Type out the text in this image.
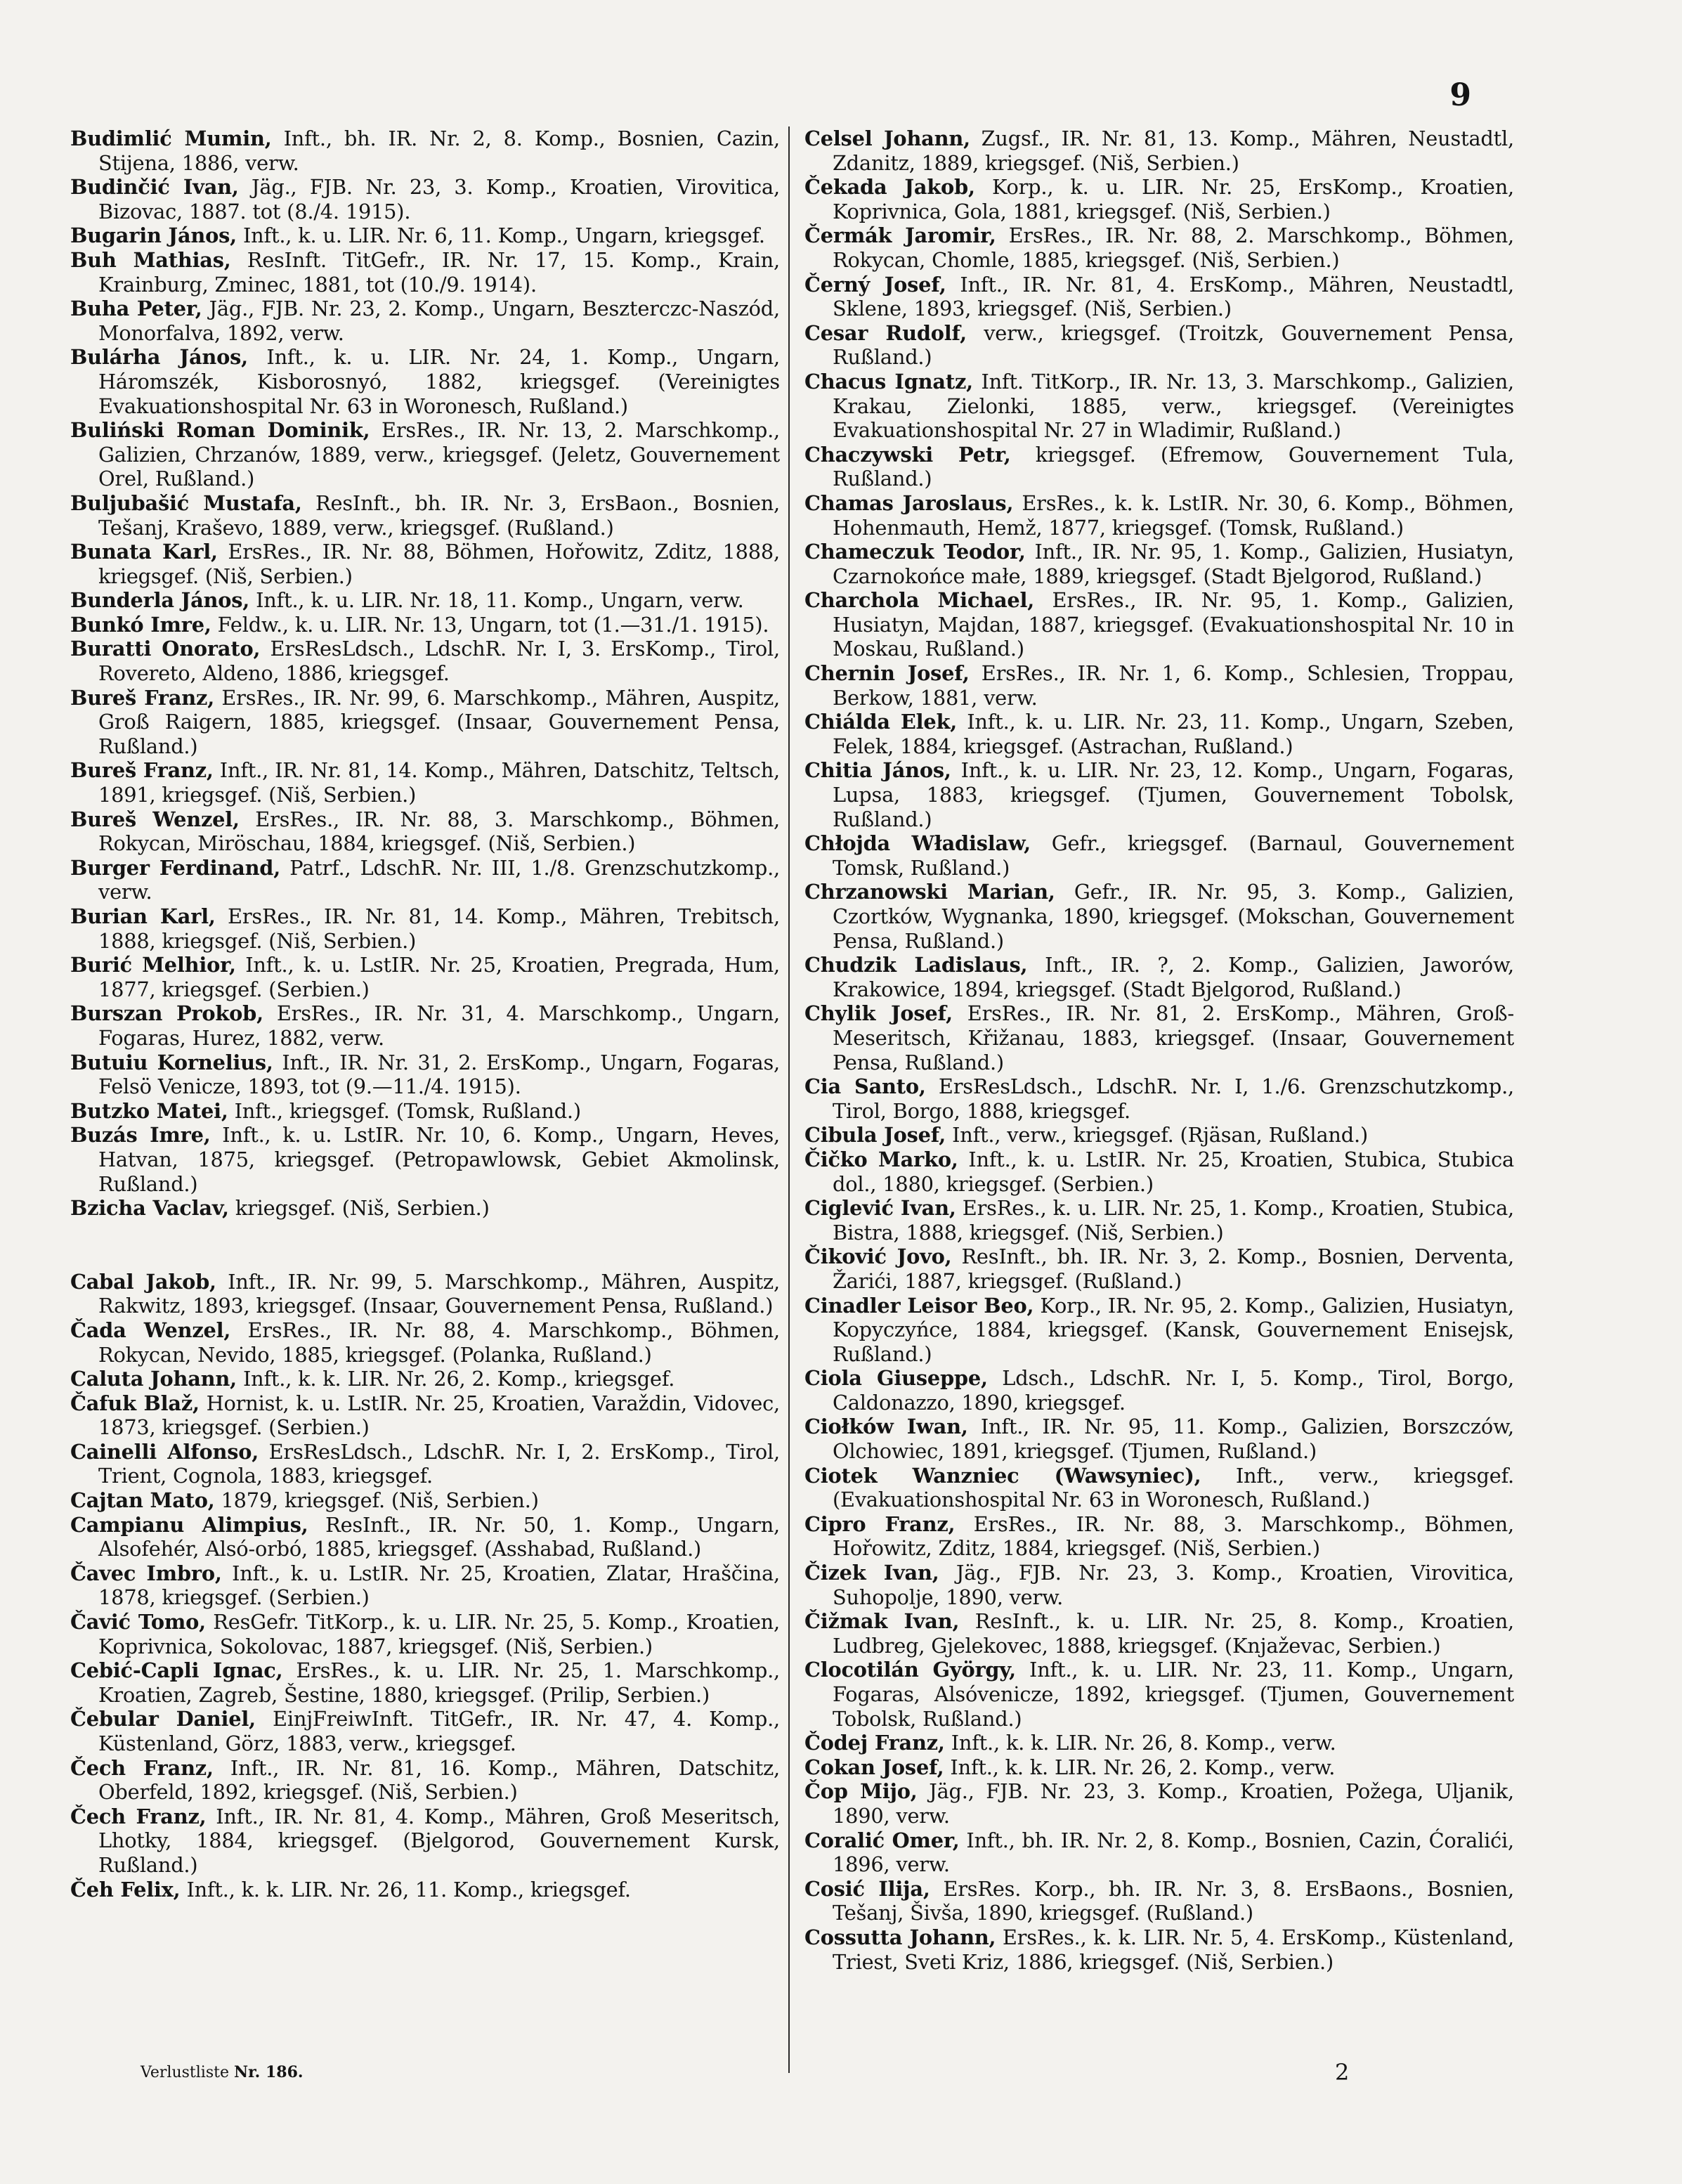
9
Budimlić Mumin, Inft., bh. IR. Nr. 2, 8. Komp., Bosnien, Cazin, Stijena, 1886, verw.
Budinčić Ivan, Jäg., FJB. Nr. 23, 3. Komp., Kroatien, Virovitica, Bizovac, 1887. tot (8./4. 1915).
Bugarin János, Inft., k. u. LIR. Nr. 6, 11. Komp., Ungarn, kriegsgef.
Buh Mathias, ResInft. TitGefr., IR. Nr. 17, 15. Komp., Krain, Krainburg, Zminec, 1881, tot (10./9. 1914).
Buha Peter, Jäg., FJB. Nr. 23, 2. Komp., Ungarn, Beszterczc-Naszód, Monorfalva, 1892, verw.
Bulárha János, Inft., k. u. LIR. Nr. 24, 1. Komp., Ungarn, Háromszék, Kisborosnyó, 1882, kriegsgef. (Vereinigtes Evakuationshospital Nr. 63 in Woronesch, Rußland.)
Buliński Roman Dominik, ErsRes., IR. Nr. 13, 2. Marschkomp., Galizien, Chrzanów, 1889, verw., kriegsgef. (Jeletz, Gouvernement Orel, Rußland.)
Buljubašić Mustafa, ResInft., bh. IR. Nr. 3, ErsBaon., Bosnien, Tešanj, Kraševo, 1889, verw., kriegsgef. (Rußland.)
Bunata Karl, ErsRes., IR. Nr. 88, Böhmen, Hořowitz, Zditz, 1888, kriegsgef. (Niš, Serbien.)
Bunderla János, Inft., k. u. LIR. Nr. 18, 11. Komp., Ungarn, verw.
Bunkó Imre, Feldw., k. u. LIR. Nr. 13, Ungarn, tot (1.—31./1. 1915).
Buratti Onorato, ErsResLdsch., LdschR. Nr. I, 3. ErsKomp., Tirol, Rovereto, Aldeno, 1886, kriegsgef.
Bureš Franz, ErsRes., IR. Nr. 99, 6. Marschkomp., Mähren, Auspitz, Groß Raigern, 1885, kriegsgef. (Insaar, Gouvernement Pensa, Rußland.)
Bureš Franz, Inft., IR. Nr. 81, 14. Komp., Mähren, Datschitz, Teltsch, 1891, kriegsgef. (Niš, Serbien.)
Bureš Wenzel, ErsRes., IR. Nr. 88, 3. Marschkomp., Böhmen, Rokycan, Miröschau, 1884, kriegsgef. (Niš, Serbien.)
Burger Ferdinand, Patrf., LdschR. Nr. III, 1./8. Grenzschutzkomp., verw.
Burian Karl, ErsRes., IR. Nr. 81, 14. Komp., Mähren, Trebitsch, 1888, kriegsgef. (Niš, Serbien.)
Burić Melhior, Inft., k. u. LstIR. Nr. 25, Kroatien, Pregrada, Hum, 1877, kriegsgef. (Serbien.)
Burszan Prokob, ErsRes., IR. Nr. 31, 4. Marschkomp., Ungarn, Fogaras, Hurez, 1882, verw.
Butuiu Kornelius, Inft., IR. Nr. 31, 2. ErsKomp., Ungarn, Fogaras, Felsö Venicze, 1893, tot (9.—11./4. 1915).
Butzko Matei, Inft., kriegsgef. (Tomsk, Rußland.)
Buzás Imre, Inft., k. u. LstIR. Nr. 10, 6. Komp., Ungarn, Heves, Hatvan, 1875, kriegsgef. (Petropawlowsk, Gebiet Akmolinsk, Rußland.)
Bzicha Vaclav, kriegsgef. (Niš, Serbien.)
Cabal Jakob, Inft., IR. Nr. 99, 5. Marschkomp., Mähren, Auspitz, Rakwitz, 1893, kriegsgef. (Insaar, Gouvernement Pensa, Rußland.)
Čada Wenzel, ErsRes., IR. Nr. 88, 4. Marschkomp., Böhmen, Rokycan, Nevido, 1885, kriegsgef. (Polanka, Rußland.)
Caluta Johann, Inft., k. k. LIR. Nr. 26, 2. Komp., kriegsgef.
Čafuk Blaž, Hornist, k. u. LstIR. Nr. 25, Kroatien, Varaždin, Vidovec, 1873, kriegsgef. (Serbien.)
Cainelli Alfonso, ErsResLdsch., LdschR. Nr. I, 2. ErsKomp., Tirol, Trient, Cognola, 1883, kriegsgef.
Cajtan Mato, 1879, kriegsgef. (Niš, Serbien.)
Campianu Alimpius, ResInft., IR. Nr. 50, 1. Komp., Ungarn, Alsofehér, Alsó-orbó, 1885, kriegsgef. (Asshabad, Rußland.)
Čavec Imbro, Inft., k. u. LstIR. Nr. 25, Kroatien, Zlatar, Hraščina, 1878, kriegsgef. (Serbien.)
Čavić Tomo, ResGefr. TitKorp., k. u. LIR. Nr. 25, 5. Komp., Kroatien, Koprivnica, Sokolovac, 1887, kriegsgef. (Niš, Serbien.)
Cebić-Capli Ignac, ErsRes., k. u. LIR. Nr. 25, 1. Marschkomp., Kroatien, Zagreb, Šestine, 1880, kriegsgef. (Prilip, Serbien.)
Čebular Daniel, EinjFreiwInft. TitGefr., IR. Nr. 47, 4. Komp., Küstenland, Görz, 1883, verw., kriegsgef.
Čech Franz, Inft., IR. Nr. 81, 16. Komp., Mähren, Datschitz, Oberfeld, 1892, kriegsgef. (Niš, Serbien.)
Čech Franz, Inft., IR. Nr. 81, 4. Komp., Mähren, Groß Meseritsch, Lhotky, 1884, kriegsgef. (Bjelgorod, Gouvernement Kursk, Rußland.)
Čeh Felix, Inft., k. k. LIR. Nr. 26, 11. Komp., kriegsgef.
Celsel Johann, Zugsf., IR. Nr. 81, 13. Komp., Mähren, Neustadtl, Zdanitz, 1889, kriegsgef. (Niš, Serbien.)
Čekada Jakob, Korp., k. u. LIR. Nr. 25, ErsKomp., Kroatien, Koprivnica, Gola, 1881, kriegsgef. (Niš, Serbien.)
Čermák Jaromir, ErsRes., IR. Nr. 88, 2. Marschkomp., Böhmen, Rokycan, Chomle, 1885, kriegsgef. (Niš, Serbien.)
Černý Josef, Inft., IR. Nr. 81, 4. ErsKomp., Mähren, Neustadtl, Sklene, 1893, kriegsgef. (Niš, Serbien.)
Cesar Rudolf, verw., kriegsgef. (Troitzk, Gouvernement Pensa, Rußland.)
Chacus Ignatz, Inft. TitKorp., IR. Nr. 13, 3. Marschkomp., Galizien, Krakau, Zielonki, 1885, verw., kriegsgef. (Vereinigtes Evakuationshospital Nr. 27 in Wladimir, Rußland.)
Chaczywski Petr, kriegsgef. (Efremow, Gouvernement Tula, Rußland.)
Chamas Jaroslaus, ErsRes., k. k. LstIR. Nr. 30, 6. Komp., Böhmen, Hohenmauth, Hemž, 1877, kriegsgef. (Tomsk, Rußland.)
Chameczuk Teodor, Inft., IR. Nr. 95, 1. Komp., Galizien, Husiatyn, Czarnokońce małe, 1889, kriegsgef. (Stadt Bjelgorod, Rußland.)
Charchola Michael, ErsRes., IR. Nr. 95, 1. Komp., Galizien, Husiatyn, Majdan, 1887, kriegsgef. (Evakuationshospital Nr. 10 in Moskau, Rußland.)
Chernin Josef, ErsRes., IR. Nr. 1, 6. Komp., Schlesien, Troppau, Berkow, 1881, verw.
Chiálda Elek, Inft., k. u. LIR. Nr. 23, 11. Komp., Ungarn, Szeben, Felek, 1884, kriegsgef. (Astrachan, Rußland.)
Chitia János, Inft., k. u. LIR. Nr. 23, 12. Komp., Ungarn, Fogaras, Lupsa, 1883, kriegsgef. (Tjumen, Gouvernement Tobolsk, Rußland.)
Chłojda Władislaw, Gefr., kriegsgef. (Barnaul, Gouvernement Tomsk, Rußland.)
Chrzanowski Marian, Gefr., IR. Nr. 95, 3. Komp., Galizien, Czortków, Wygnanka, 1890, kriegsgef. (Mokschan, Gouvernement Pensa, Rußland.)
Chudzik Ladislaus, Inft., IR. ?, 2. Komp., Galizien, Jaworów, Krakowice, 1894, kriegsgef. (Stadt Bjelgorod, Rußland.)
Chylik Josef, ErsRes., IR. Nr. 81, 2. ErsKomp., Mähren, Groß-Meseritsch, Křižanau, 1883, kriegsgef. (Insaar, Gouvernement Pensa, Rußland.)
Cia Santo, ErsResLdsch., LdschR. Nr. I, 1./6. Grenzschutzkomp., Tirol, Borgo, 1888, kriegsgef.
Cibula Josef, Inft., verw., kriegsgef. (Rjäsan, Rußland.)
Čičko Marko, Inft., k. u. LstIR. Nr. 25, Kroatien, Stubica, Stubica dol., 1880, kriegsgef. (Serbien.)
Ciglević Ivan, ErsRes., k. u. LIR. Nr. 25, 1. Komp., Kroatien, Stubica, Bistra, 1888, kriegsgef. (Niš, Serbien.)
Čiković Jovo, ResInft., bh. IR. Nr. 3, 2. Komp., Bosnien, Derventa, Žarići, 1887, kriegsgef. (Rußland.)
Cinadler Leisor Beo, Korp., IR. Nr. 95, 2. Komp., Galizien, Husiatyn, Kopyczyńce, 1884, kriegsgef. (Kansk, Gouvernement Enisejsk, Rußland.)
Ciola Giuseppe, Ldsch., LdschR. Nr. I, 5. Komp., Tirol, Borgo, Caldonazzo, 1890, kriegsgef.
Ciołków Iwan, Inft., IR. Nr. 95, 11. Komp., Galizien, Borszczów, Olchowiec, 1891, kriegsgef. (Tjumen, Rußland.)
Ciotek Wanzniec (Wawsyniec), Inft., verw., kriegsgef. (Evakuationshospital Nr. 63 in Woronesch, Rußland.)
Cipro Franz, ErsRes., IR. Nr. 88, 3. Marschkomp., Böhmen, Hořowitz, Zditz, 1884, kriegsgef. (Niš, Serbien.)
Čizek Ivan, Jäg., FJB. Nr. 23, 3. Komp., Kroatien, Virovitica, Suhopolje, 1890, verw.
Čižmak Ivan, ResInft., k. u. LIR. Nr. 25, 8. Komp., Kroatien, Ludbreg, Gjelekovec, 1888, kriegsgef. (Knjaževac, Serbien.)
Clocotilán György, Inft., k. u. LIR. Nr. 23, 11. Komp., Ungarn, Fogaras, Alsóvenicze, 1892, kriegsgef. (Tjumen, Gouvernement Tobolsk, Rußland.)
Čodej Franz, Inft., k. k. LIR. Nr. 26, 8. Komp., verw.
Cokan Josef, Inft., k. k. LIR. Nr. 26, 2. Komp., verw.
Čop Mijo, Jäg., FJB. Nr. 23, 3. Komp., Kroatien, Požega, Uljanik, 1890, verw.
Coralić Omer, Inft., bh. IR. Nr. 2, 8. Komp., Bosnien, Cazin, Ćoralići, 1896, verw.
Cosić Ilija, ErsRes. Korp., bh. IR. Nr. 3, 8. ErsBaons., Bosnien, Tešanj, Šivša, 1890, kriegsgef. (Rußland.)
Cossutta Johann, ErsRes., k. k. LIR. Nr. 5, 4. ErsKomp., Küstenland, Triest, Sveti Kriz, 1886, kriegsgef. (Niš, Serbien.)
Verlustliste Nr. 186.	2
